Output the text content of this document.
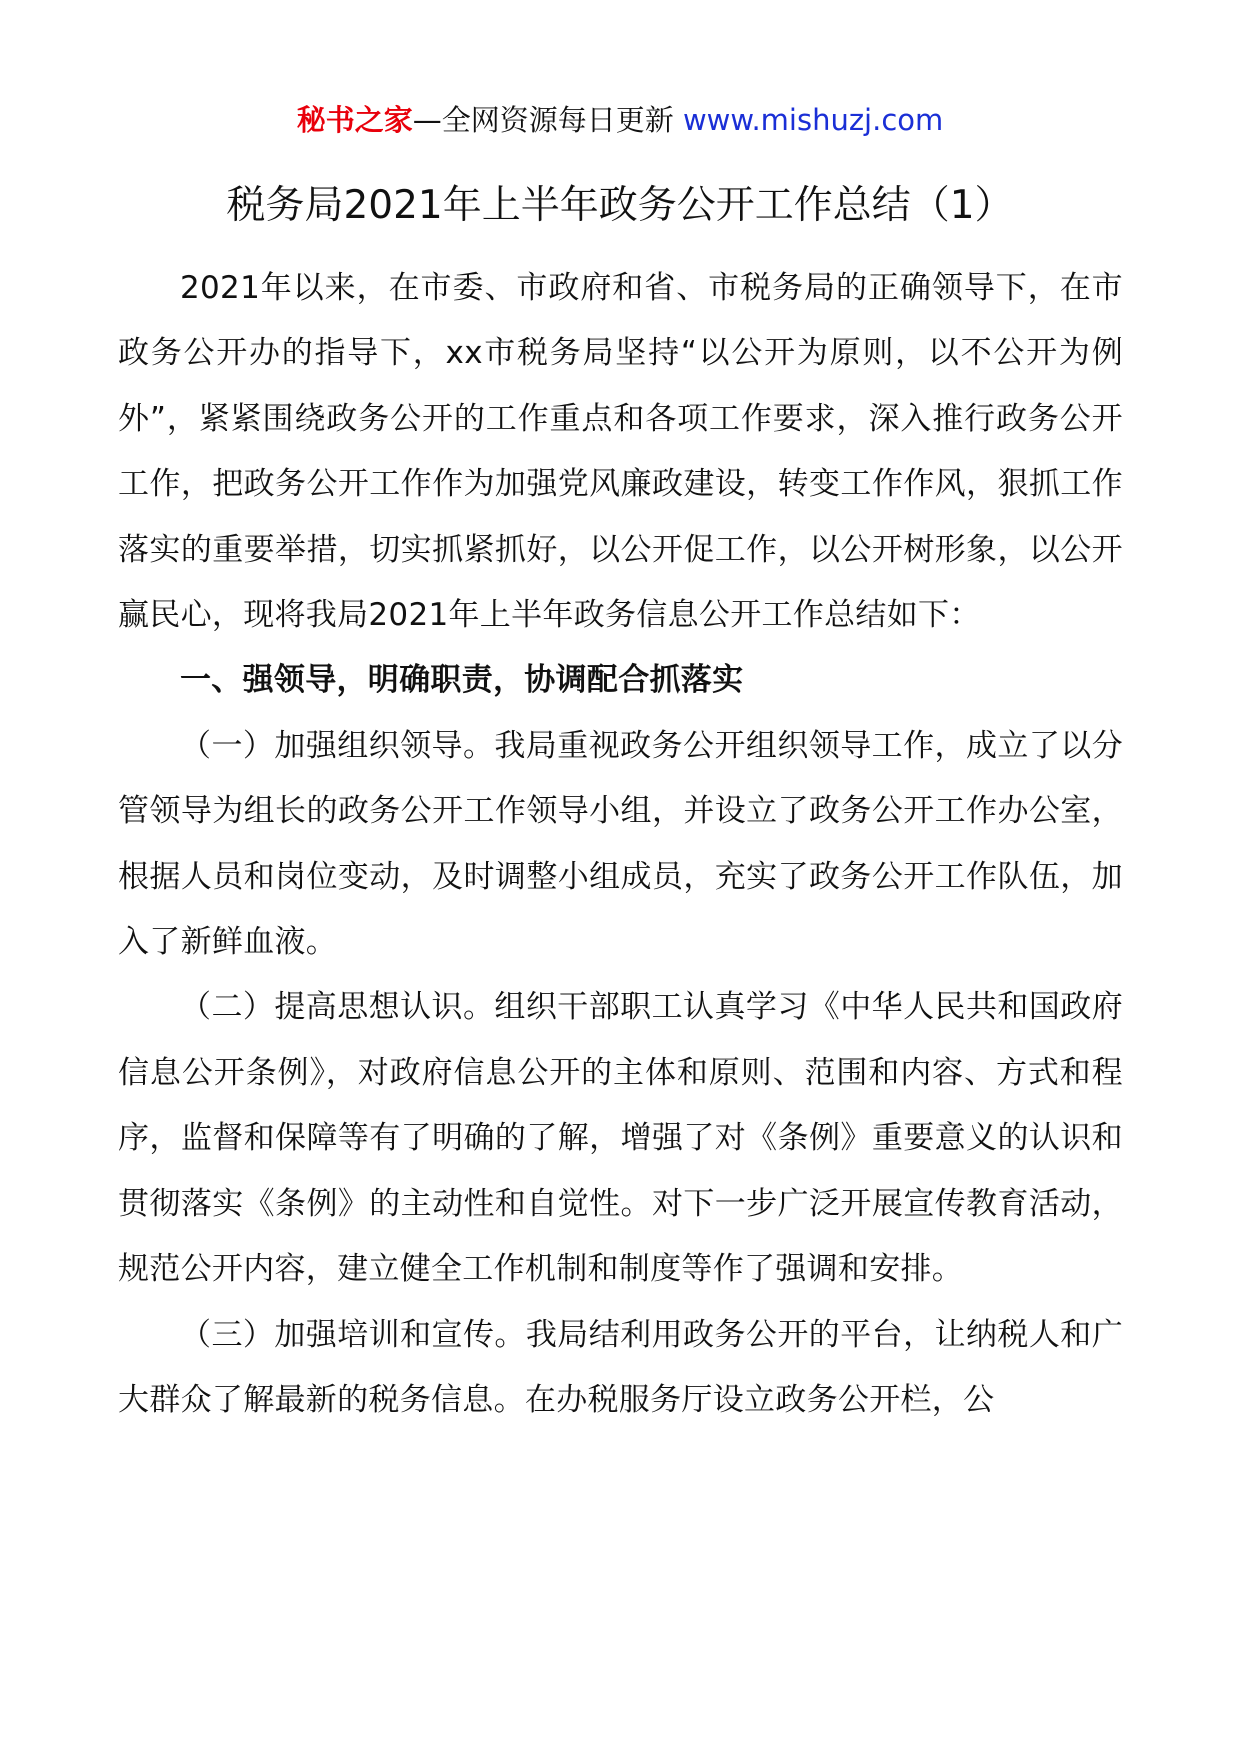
秘书之家—全网资源每日更新 www.mishuzj.com
税务局2021年上半年政务公开工作总结（1）

2021年以来，在市委、市政府和省、市税务局的正确领导下，在市政务公开办的指导下，xx市税务局坚持“以公开为原则，以不公开为例外”，紧紧围绕政务公开的工作重点和各项工作要求，深入推行政务公开工作，把政务公开工作作为加强党风廉政建设，转变工作作风，狠抓工作落实的重要举措，切实抓紧抓好，以公开促工作，以公开树形象，以公开赢民心，现将我局2021年上半年政务信息公开工作总结如下：

一、强领导，明确职责，协调配合抓落实

（一）加强组织领导。我局重视政务公开组织领导工作，成立了以分管领导为组长的政务公开工作领导小组，并设立了政务公开工作办公室，根据人员和岗位变动，及时调整小组成员，充实了政务公开工作队伍，加入了新鲜血液。

（二）提高思想认识。组织干部职工认真学习《中华人民共和国政府信息公开条例》，对政府信息公开的主体和原则、范围和内容、方式和程序，监督和保障等有了明确的了解，增强了对《条例》重要意义的认识和贯彻落实《条例》的主动性和自觉性。对下一步广泛开展宣传教育活动，规范公开内容，建立健全工作机制和制度等作了强调和安排。

（三）加强培训和宣传。我局结利用政务公开的平台，让纳税人和广大群众了解最新的税务信息。在办税服务厅设立政务公开栏，公
